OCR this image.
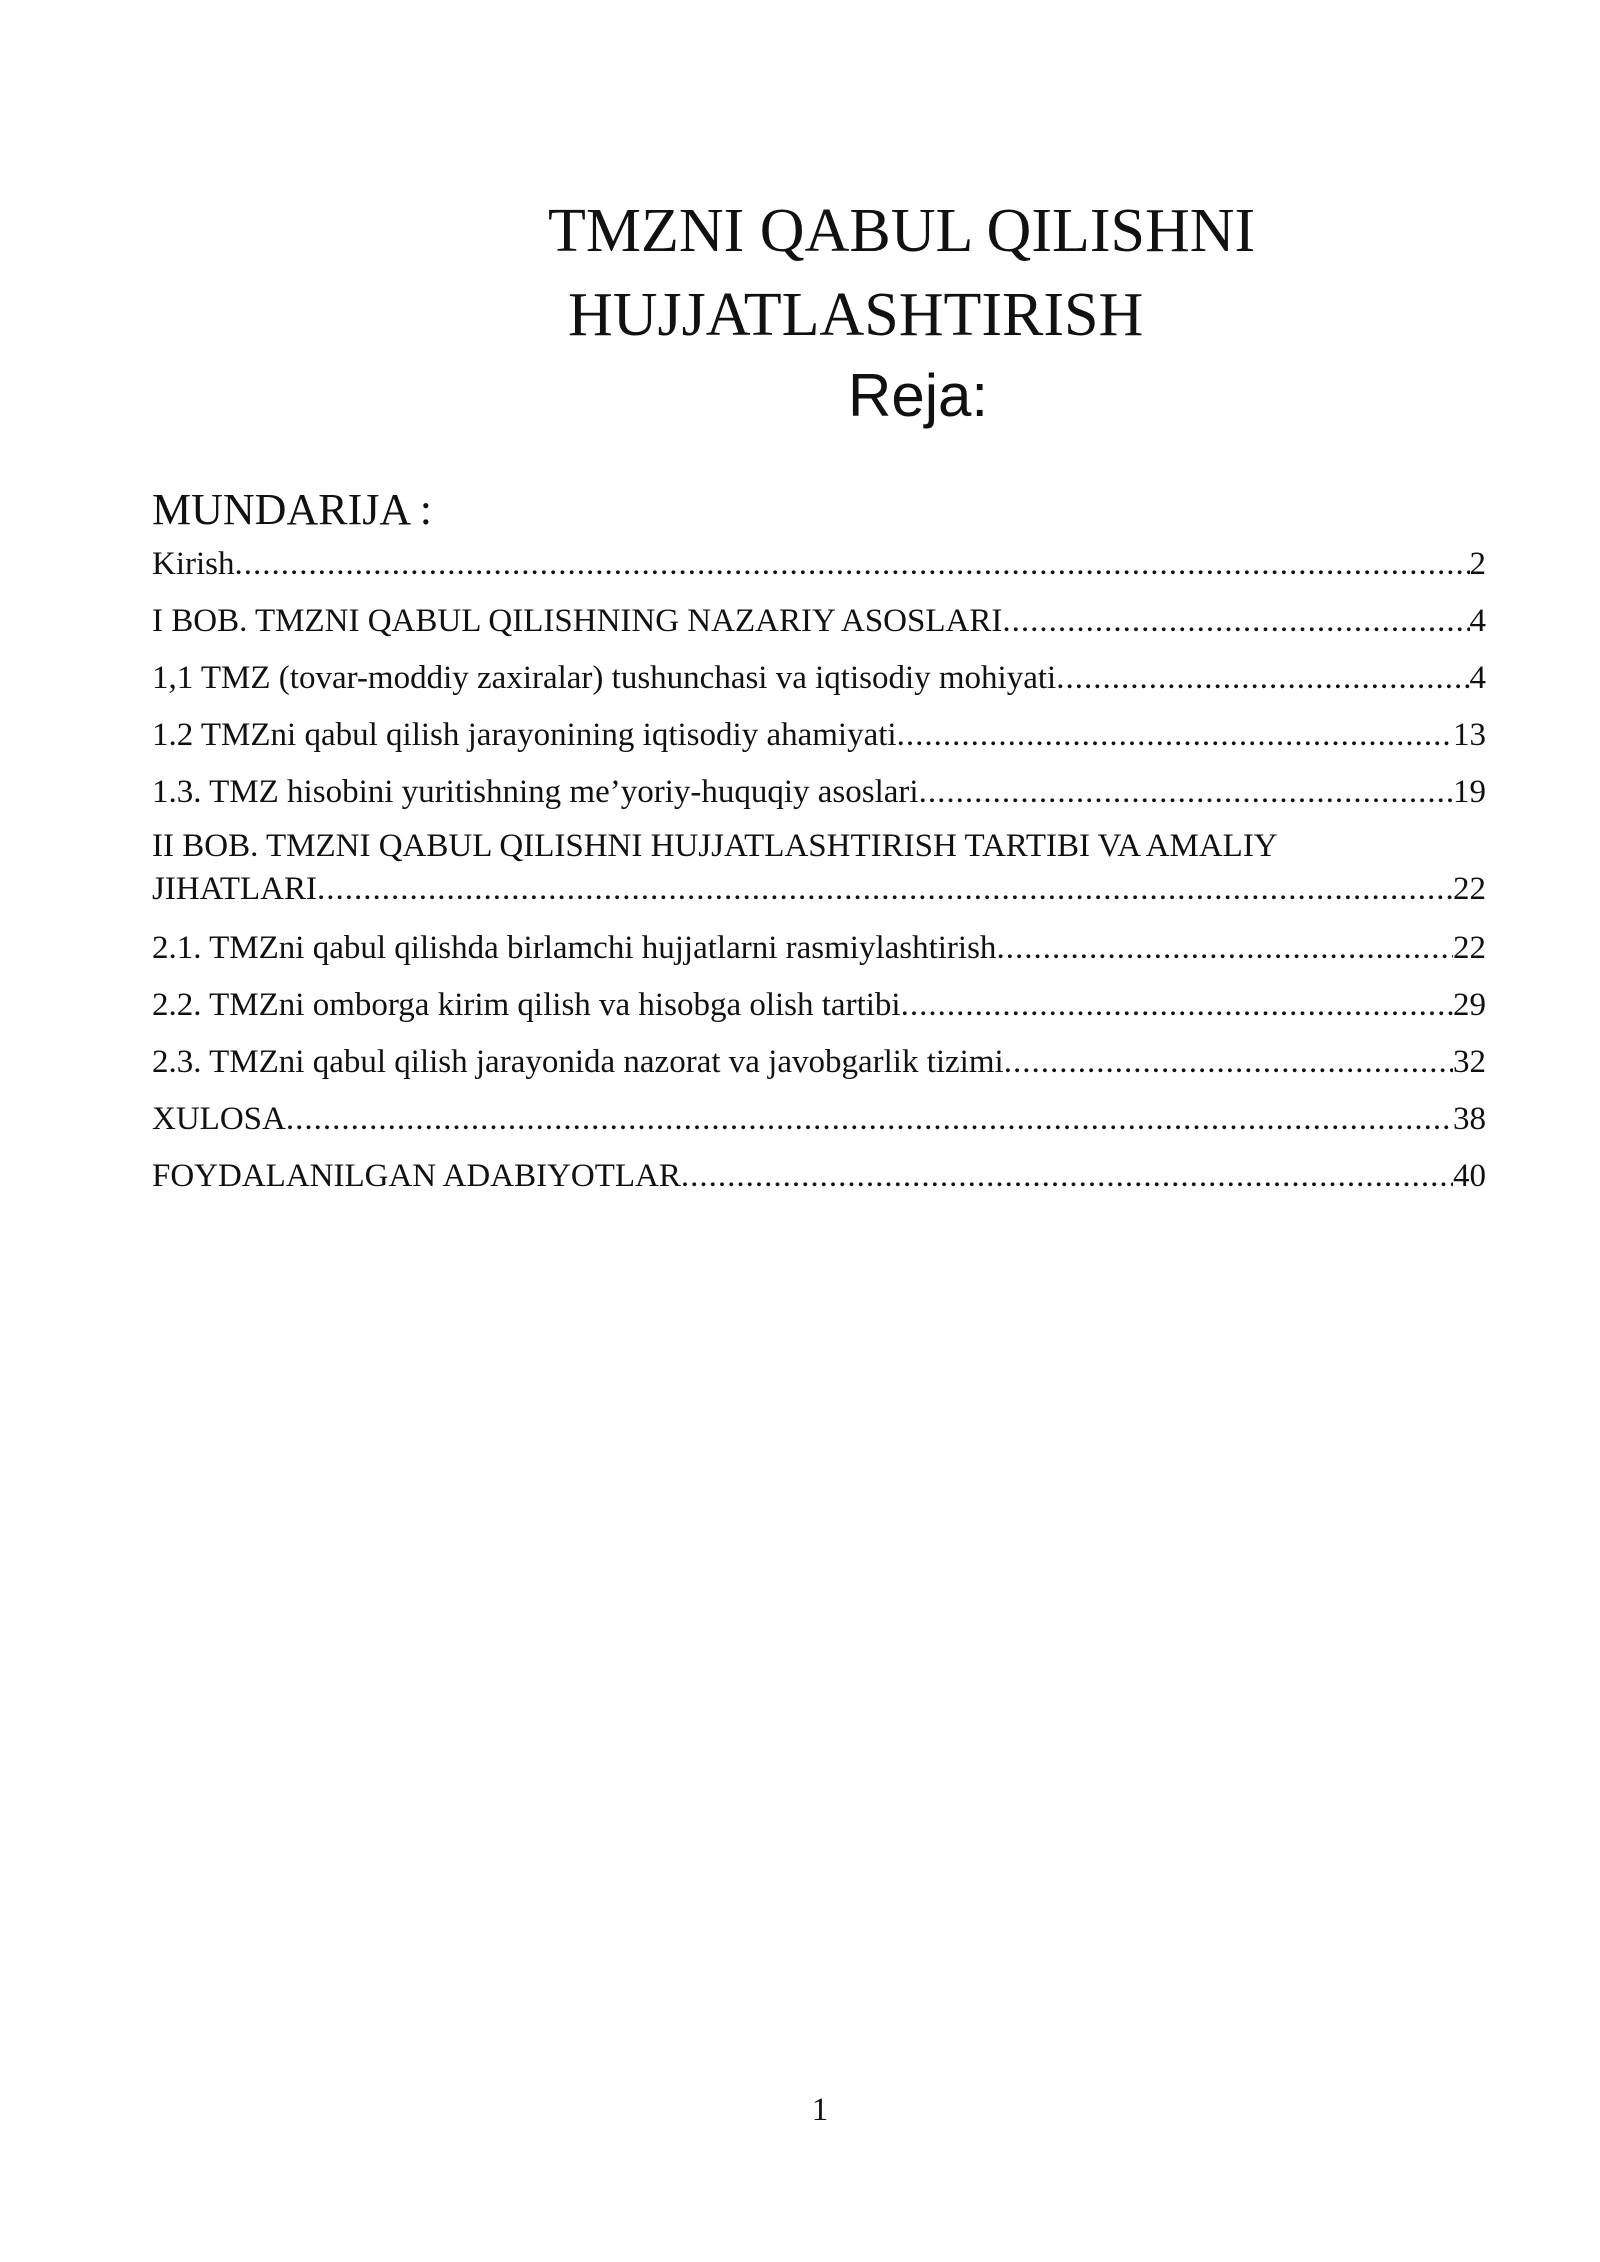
TMZNI QABUL QILISHNI
HUJJATLASHTIRISH
Reja:
MUNDARIJA :
Kirish .....	2
I BOB. TMZNI QABUL QILISHNING NAZARIY ASOSLARI .....	4
1,1 TMZ (tovar-moddiy zaxiralar) tushunchasi va iqtisodiy mohiyati .....	4
1.2 TMZni qabul qilish jarayonining iqtisodiy ahamiyati .....	13
1.3. TMZ hisobini yuritishning me’yoriy-huquqiy asoslari .....	19
II BOB. TMZNI QABUL QILISHNI HUJJATLASHTIRISH TARTIBI VA AMALIY
JIHATLARI .....	22
2.1. TMZni qabul qilishda birlamchi hujjatlarni rasmiylashtirish .....	22
2.2. TMZni omborga kirim qilish va hisobga olish tartibi .....	29
2.3. TMZni qabul qilish jarayonida nazorat va javobgarlik tizimi .....	32
XULOSA .....	38
FOYDALANILGAN ADABIYOTLAR .....	40
1
